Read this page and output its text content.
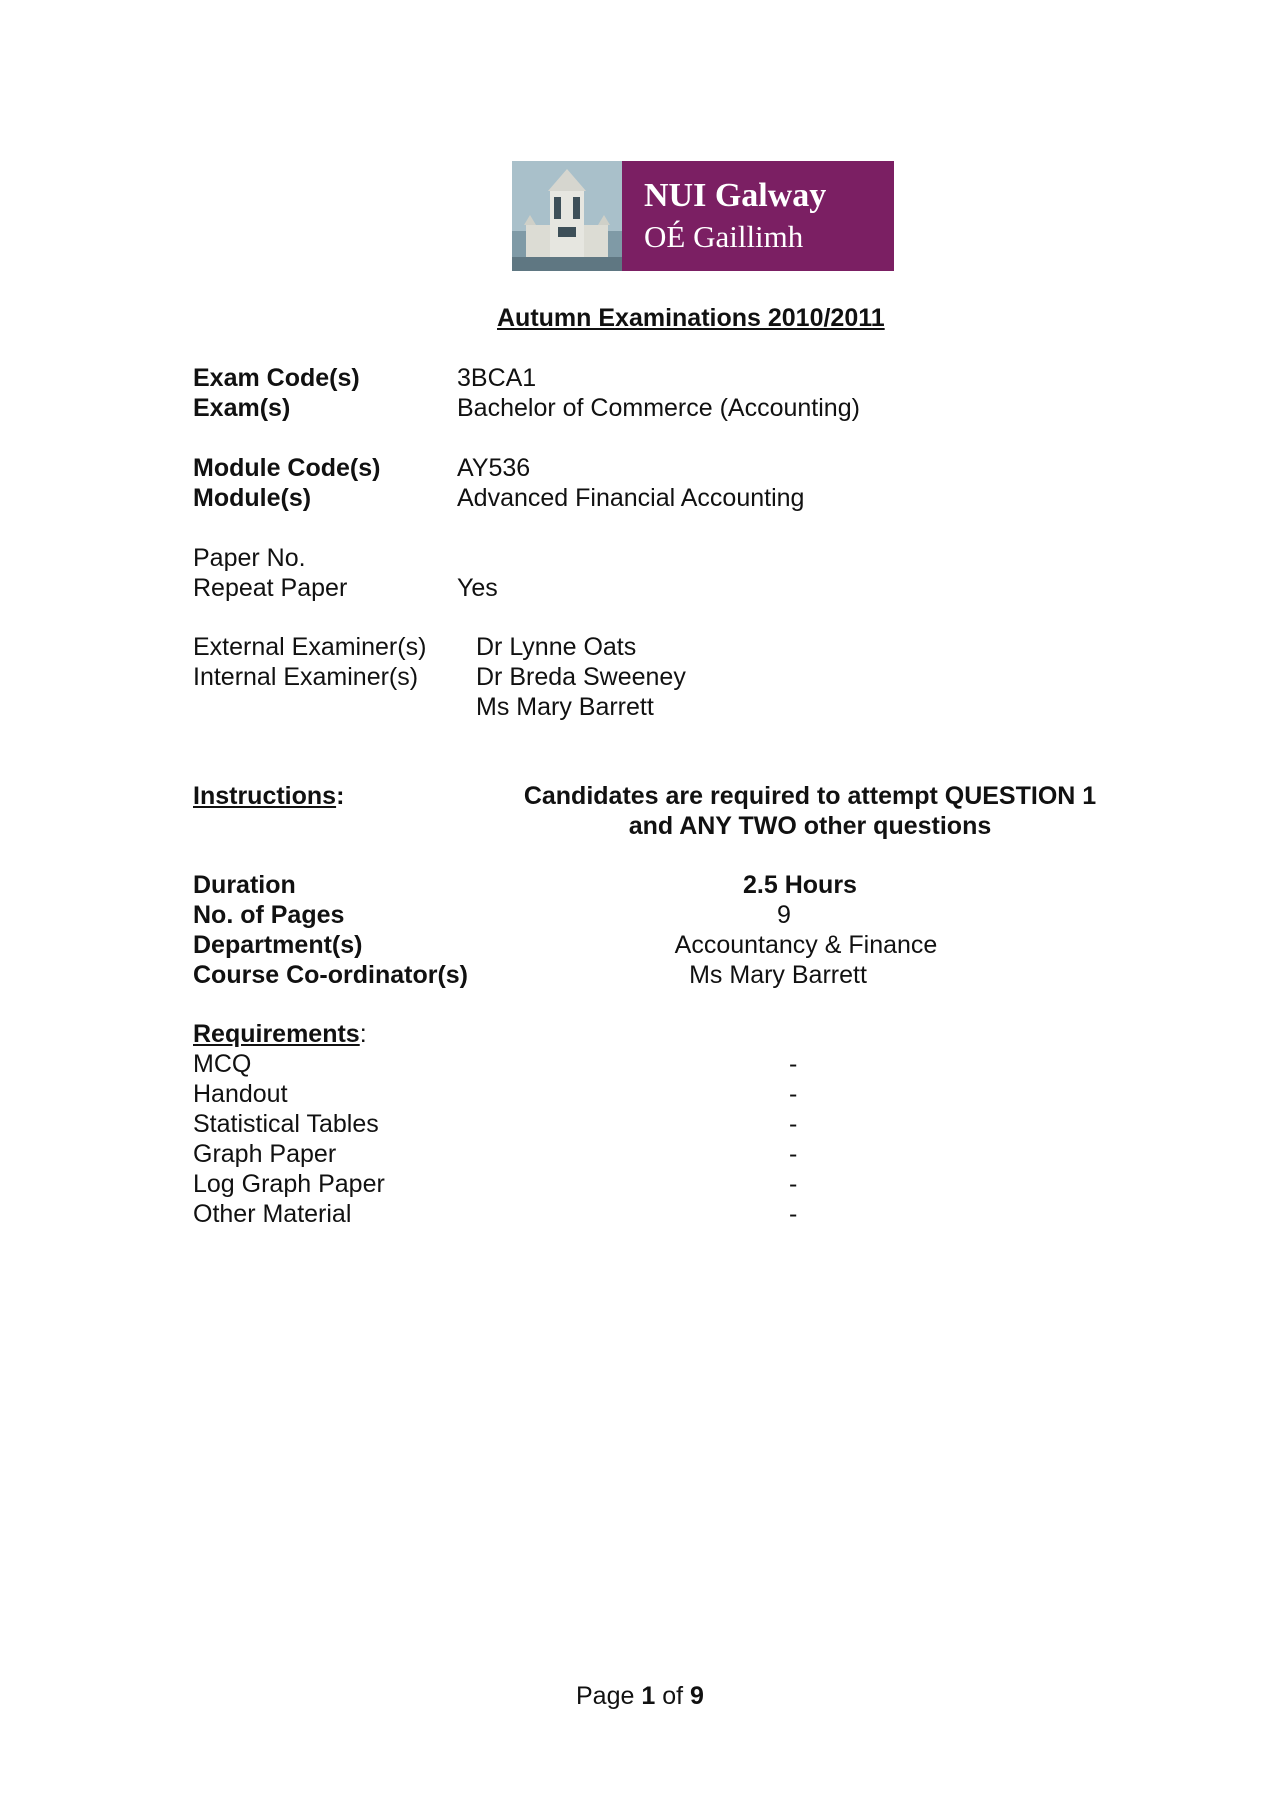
NUI Galway
OÉ Gaillimh
Autumn Examinations 2010/2011
Exam Code(s)	3BCA1
Exam(s)	Bachelor of Commerce (Accounting)
Module Code(s)	AY536
Module(s)	Advanced Financial Accounting
Paper No.
Repeat Paper	Yes
External Examiner(s) Dr Lynne Oats
Internal Examiner(s) Dr Breda Sweeney
Ms Mary Barrett
Instructions:	Candidates are required to attempt QUESTION 1
and ANY TWO other questions
Duration	2.5 Hours
No. of Pages	9
Department(s)	Accountancy & Finance
Course Co-ordinator(s)	Ms Mary Barrett
Requirements:
MCQ	-
Handout	-
Statistical Tables	-
Graph Paper	-
Log Graph Paper	-
Other Material	-
Page 1 of 9
